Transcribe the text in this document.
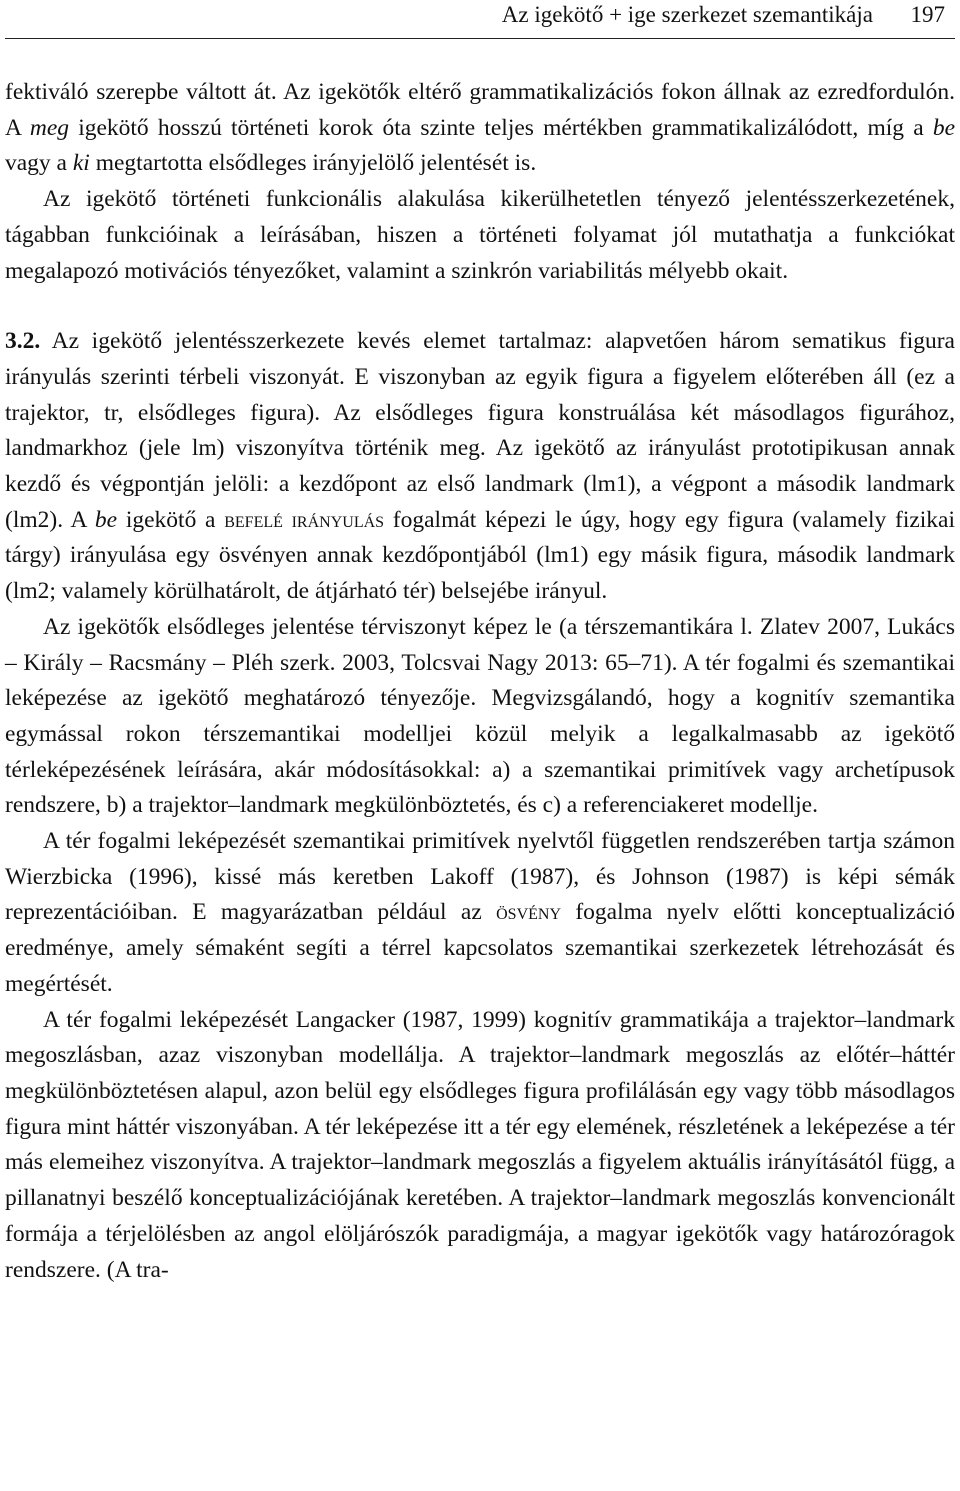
Az igekötő + ige szerkezet szemantikája 197

fektiváló szerepbe váltott át. Az igekötők eltérő grammatikalizációs fokon állnak az ezredfordulón. A meg igekötő hosszú történeti korok óta szinte teljes mértékben grammatikalizálódott, míg a be vagy a ki megtartotta elsődleges irányjelölő jelentését is.

Az igekötő történeti funkcionális alakulása kikerülhetetlen tényező jelentésszerkezetének, tágabban funkcióinak a leírásában, hiszen a történeti folyamat jól mutathatja a funkciókat megalapozó motivációs tényezőket, valamint a szinkrón variabilitás mélyebb okait.

3.2. Az igekötő jelentésszerkezete kevés elemet tartalmaz: alapvetően három sematikus figura irányulás szerinti térbeli viszonyát. E viszonyban az egyik figura a figyelem előterében áll (ez a trajektor, tr, elsődleges figura). Az elsődleges figura konstruálása két másodlagos figurához, landmarkhoz (jele lm) viszonyítva történik meg. Az igekötő az irányulást prototipikusan annak kezdő és végpontján jelöli: a kezdőpont az első landmark (lm1), a végpont a második landmark (lm2). A be igekötő a befelé irányulás fogalmát képezi le úgy, hogy egy figura (valamely fizikai tárgy) irányulása egy ösvényen annak kezdőpontjából (lm1) egy másik figura, második landmark (lm2; valamely körülhatárolt, de átjárható tér) belsejébe irányul.

Az igekötők elsődleges jelentése térviszonyt képez le (a térszemantikára l. Zlatev 2007, Lukács – Király – Racsmány – Pléh szerk. 2003, Tolcsvai Nagy 2013: 65–71). A tér fogalmi és szemantikai leképezése az igekötő meghatározó tényezője. Megvizsgálandó, hogy a kognitív szemantika egymással rokon térszemantikai modelljei közül melyik a legalkalmasabb az igekötő térleképezésének leírására, akár módosításokkal: a) a szemantikai primitívek vagy archetípusok rendszere, b) a trajektor–landmark megkülönböztetés, és c) a referenciakeret modellje.

A tér fogalmi leképezését szemantikai primitívek nyelvtől független rendszerében tartja számon Wierzbicka (1996), kissé más keretben Lakoff (1987), és Johnson (1987) is képi sémák reprezentációiban. E magyarázatban például az ösvény fogalma nyelv előtti konceptualizáció eredménye, amely sémaként segíti a térrel kapcsolatos szemantikai szerkezetek létrehozását és megértését.

A tér fogalmi leképezését Langacker (1987, 1999) kognitív grammatikája a trajektor–landmark megoszlásban, azaz viszonyban modellálja. A trajektor–landmark megoszlás az előtér–háttér megkülönböztetésen alapul, azon belül egy elsődleges figura profilálásán egy vagy több másodlagos figura mint háttér viszonyában. A tér leképezése itt a tér egy elemének, részletének a leképezése a tér más elemeihez viszonyítva. A trajektor–landmark megoszlás a figyelem aktuális irányításától függ, a pillanatnyi beszélő konceptualizációjának keretében. A trajektor–landmark megoszlás konvencionált formája a térjelölésben az angol elöljárószók paradigmája, a magyar igekötők vagy határozóragok rendszere. (A tra-
